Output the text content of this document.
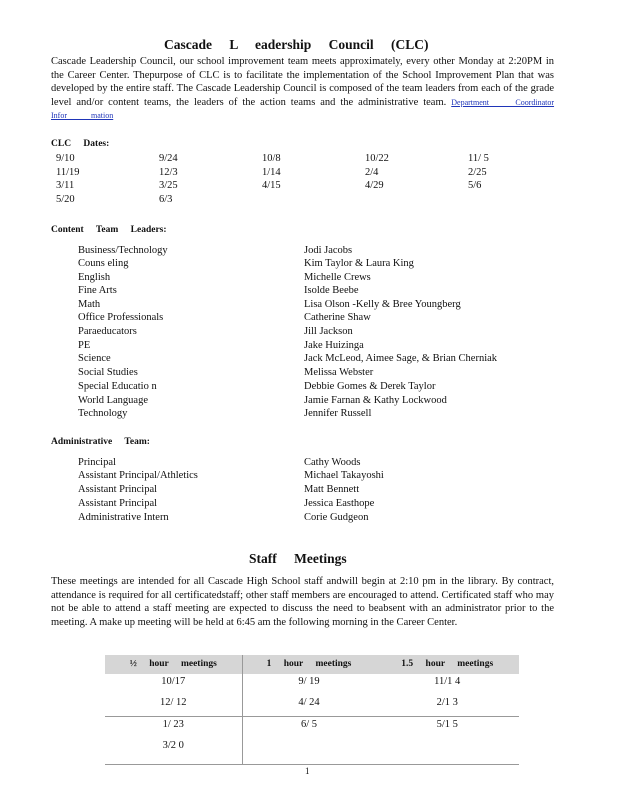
Cascade L eadership Council (CLC)
Cascade Leadership Council, our school improvement team meets approximately, every other Monday at 2:20PM in the Career Center. Thepurpose of CLC is to facilitate the implementation of the School Improvement Plan that was developed by the entire staff. The Cascade Leadership Council is composed of the team leaders from each of the grade level and/or content teams, the leaders of the action teams and the administrative team. Department Coordinator Infor mation
CLC Dates:
9/10	9/24	10/8	10/22	11/ 5
11/19	12/3	1/14	2/4	2/25
3/11	3/25	4/15	4/29	5/6
5/20	6/3
Content Team Leaders:
Business/Technology	Jodi Jacobs
Couns eling	Kim Taylor & Laura King
English	Michelle Crews
Fine Arts	Isolde Beebe
Math	Lisa Olson -Kelly & Bree Youngberg
Office Professionals	Catherine Shaw
Paraeducators	Jill Jackson
PE	Jake Huizinga
Science	Jack McLeod, Aimee Sage, & Brian Cherniak
Social Studies	Melissa Webster
Special Educatio n	Debbie Gomes & Derek Taylor
World Language	Jamie Farnan & Kathy Lockwood
Technology	Jennifer Russell
Administrative Team:
Principal	Cathy Woods
Assistant Principal/Athletics	Michael Takayoshi
Assistant Principal	Matt Bennett
Assistant Principal	Jessica Easthope
Administrative Intern	Corie Gudgeon
Staff Meetings
These meetings are intended for all Cascade High School staff andwill begin at 2:10 pm in the library. By contract, attendance is required for all certificatedstaff; other staff members are encouraged to attend. Certificated staff who may not be able to attend a staff meeting are expected to discuss the need to beabsent with an administrator prior to the meeting. A make up meeting will be held at 6:45 am the following morning in the Career Center.
½ hour meetings	1 hour meetings	1.5 hour meetings
10/17	9/ 19	11/1 4
12/ 12	4/ 24	2/1 3
1/ 23	6/ 5	5/1 5
3/2 0		
1
